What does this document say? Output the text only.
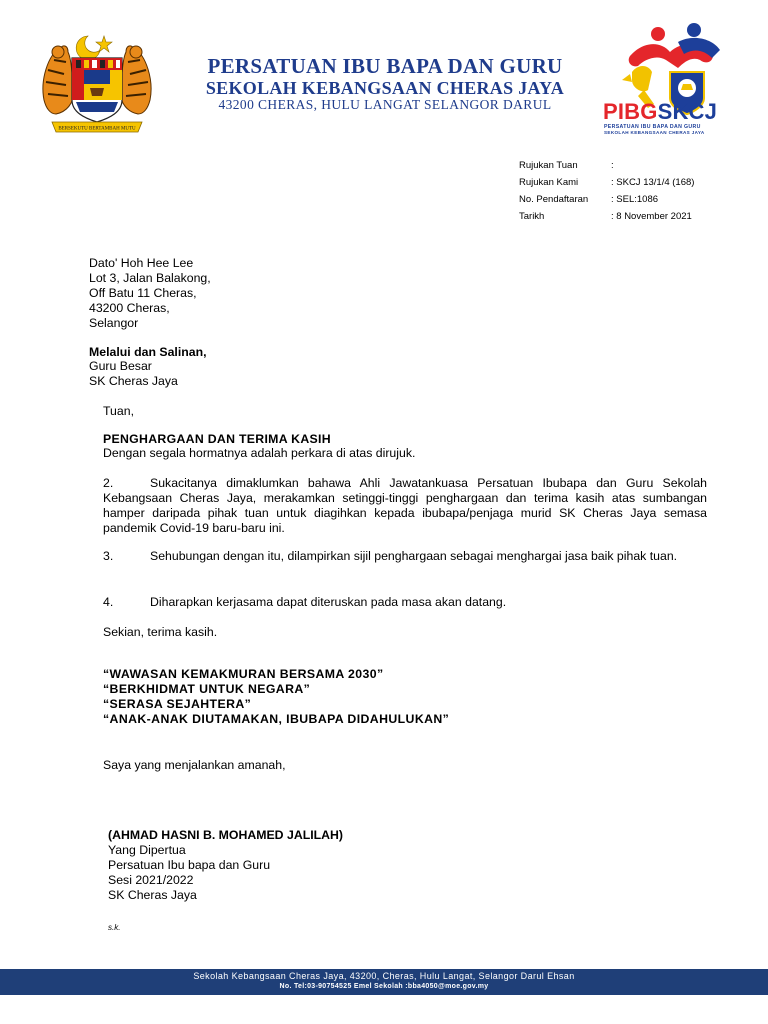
BERSEKUTU BERTAMBAH MUTU
PERSATUAN IBU BAPA DAN GURU
SEKOLAH KEBANGSAAN CHERAS JAYA
43200 CHERAS, HULU LANGAT SELANGOR DARUL	PIBGSKCJ
PERSATUAN IBU BAPA DAN GURU
SEKOLAH KEBANGSAAN CHERAS JAYA
Rujukan Tuan	:
Rujukan Kami	: SKCJ 13/1/4 (168)
No. Pendaftaran : SEL:1086
Tarikh	: 8 November 2021
Dato' Hoh Hee Lee
Lot 3, Jalan Balakong,
Off Batu 11 Cheras,
43200 Cheras,
Selangor
Melalui dan Salinan,
Guru Besar
SK Cheras Jaya
Tuan,
PENGHARGAAN DAN TERIMA KASIH
Dengan segala hormatnya adalah perkara di atas dirujuk.
2.	Sukacitanya dimaklumkan bahawa Ahli Jawatankuasa Persatuan Ibubapa dan Guru Sekolah Kebangsaan Cheras Jaya, merakamkan setinggi-tinggi penghargaan dan terima kasih atas sumbangan hamper daripada pihak tuan untuk diagihkan kepada ibubapa/penjaga murid SK Cheras Jaya semasa pandemik Covid-19 baru-baru ini.
3.	Sehubungan dengan itu, dilampirkan sijil penghargaan sebagai menghargai jasa baik pihak tuan.
4.	Diharapkan kerjasama dapat diteruskan pada masa akan datang.
Sekian, terima kasih.
“WAWASAN KEMAKMURAN BERSAMA 2030”
“BERKHIDMAT UNTUK NEGARA”
“SERASA SEJAHTERA”
“ANAK-ANAK DIUTAMAKAN, IBUBAPA DIDAHULUKAN”
Saya yang menjalankan amanah,
(AHMAD HASNI B. MOHAMED JALILAH)
Yang Dipertua
Persatuan Ibu bapa dan Guru
Sesi 2021/2022
SK Cheras Jaya
s.k.
Sekolah Kebangsaan Cheras Jaya, 43200, Cheras, Hulu Langat, Selangor Darul Ehsan
No. Tel:03-90754525 Emel Sekolah :bba4050@moe.gov.my
